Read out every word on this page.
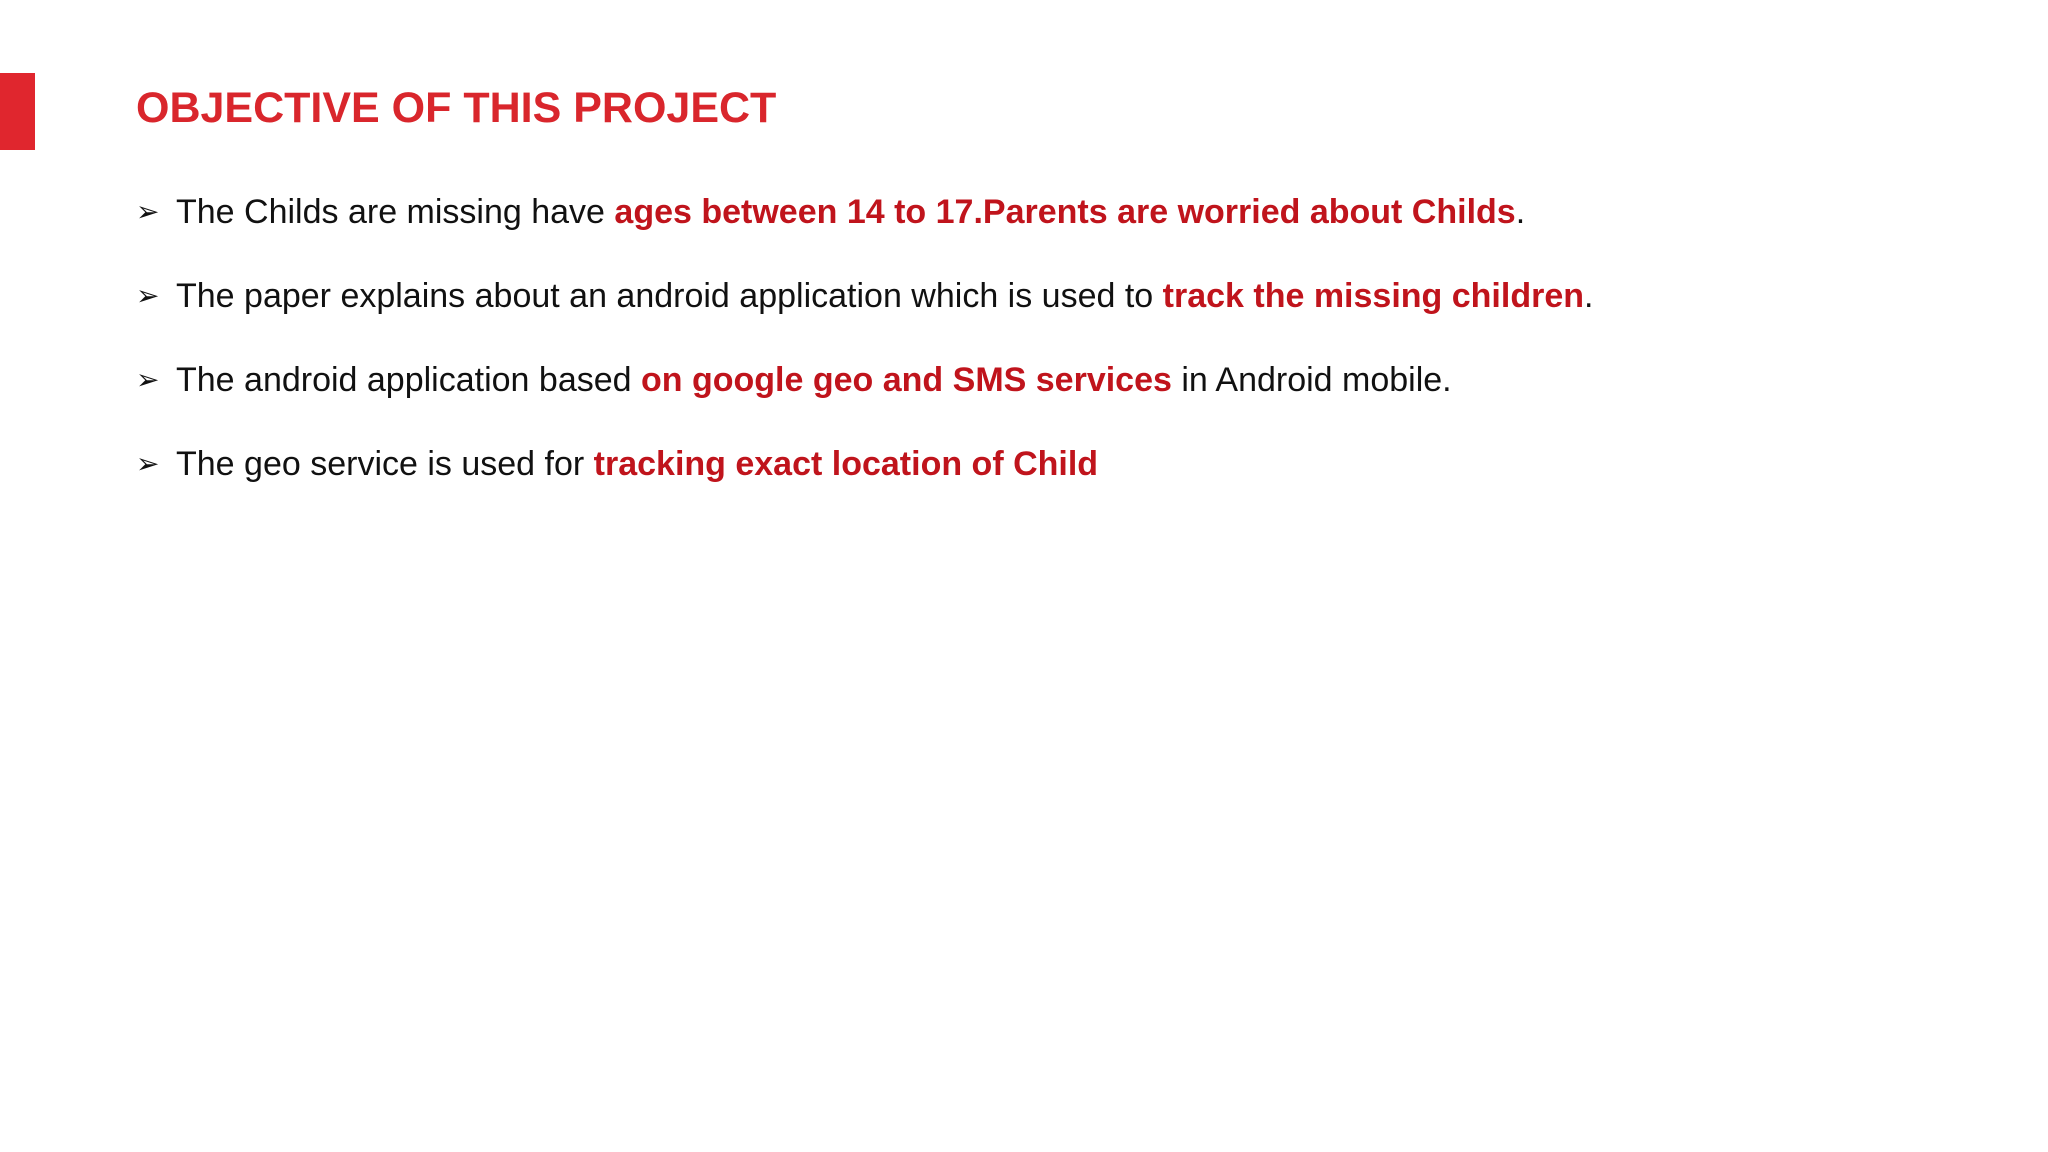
OBJECTIVE OF THIS PROJECT
➢ The Childs are missing have ages between 14 to 17.Parents are worried about Childs.
➢ The paper explains about an android application which is used to track the missing children.
➢ The android application based on google geo and SMS services in Android mobile.
➢ The geo service is used for tracking exact location of Child
